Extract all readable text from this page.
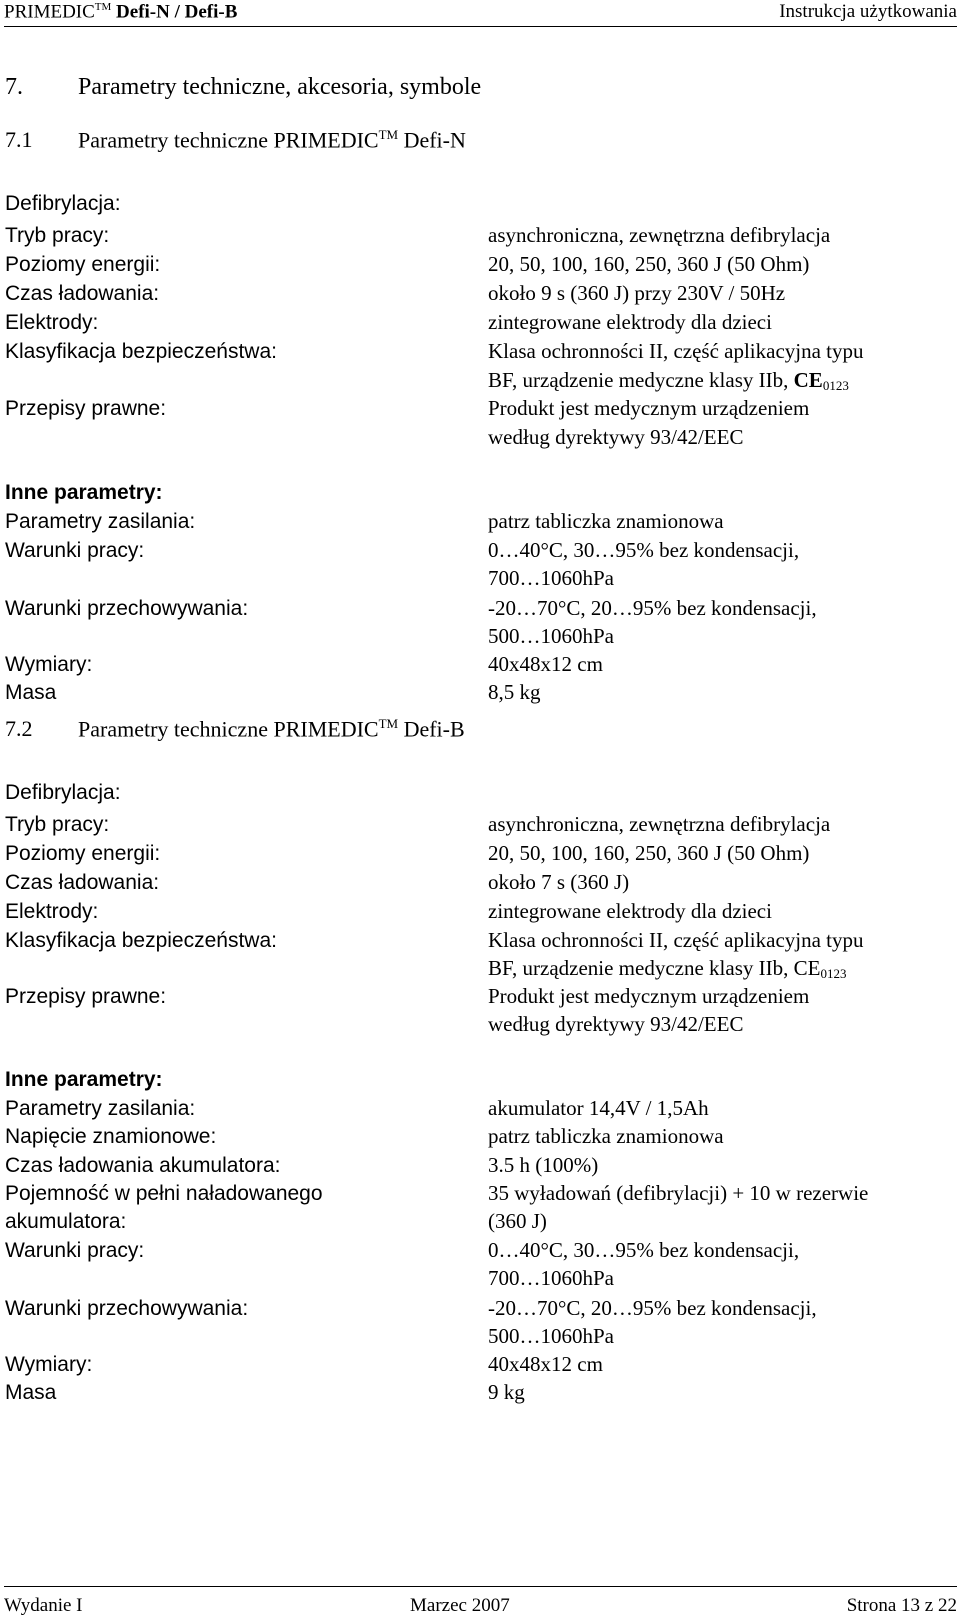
PRIMEDIC™ Defi-N / Defi-B	Instrukcja użytkowania
7. Parametry techniczne, akcesoria, symbole
7.1 Parametry techniczne PRIMEDIC™ Defi-N
Defibrylacja:
Tryb pracy:	asynchroniczna, zewnętrzna defibrylacja
Poziomy energii:	20, 50, 100, 160, 250, 360 J (50 Ohm)
Czas ładowania:	około 9 s (360 J) przy 230V / 50Hz
Elektrody:	zintegrowane elektrody dla dzieci
Klasyfikacja bezpieczeństwa:	Klasa ochronności II, część aplikacyjna typu
BF, urządzenie medyczne klasy IIb, CE0123
Przepisy prawne:	Produkt jest medycznym urządzeniem
według dyrektywy 93/42/EEC
Inne parametry:
Parametry zasilania:	patrz tabliczka znamionowa
Warunki pracy:	0…40°C, 30…95% bez kondensacji,
700…1060hPa
Warunki przechowywania:	-20…70°C, 20…95% bez kondensacji,
500…1060hPa
Wymiary:	40x48x12 cm
Masa	8,5 kg
7.2 Parametry techniczne PRIMEDIC™ Defi-B
Defibrylacja:
Tryb pracy:	asynchroniczna, zewnętrzna defibrylacja
Poziomy energii:	20, 50, 100, 160, 250, 360 J (50 Ohm)
Czas ładowania:	około 7 s (360 J)
Elektrody:	zintegrowane elektrody dla dzieci
Klasyfikacja bezpieczeństwa:	Klasa ochronności II, część aplikacyjna typu
BF, urządzenie medyczne klasy IIb, CE0123
Przepisy prawne:	Produkt jest medycznym urządzeniem
według dyrektywy 93/42/EEC
Inne parametry:
Parametry zasilania:	akumulator 14,4V / 1,5Ah
Napięcie znamionowe:	patrz tabliczka znamionowa
Czas ładowania akumulatora:	3.5 h (100%)
Pojemność w pełni naładowanego	35 wyładowań (defibrylacji) + 10 w rezerwie
akumulatora:	(360 J)
Warunki pracy:	0…40°C, 30…95% bez kondensacji,
700…1060hPa
Warunki przechowywania:	-20…70°C, 20…95% bez kondensacji,
500…1060hPa
Wymiary:	40x48x12 cm
Masa	9 kg
Wydanie I	Marzec 2007	Strona 13 z 22
